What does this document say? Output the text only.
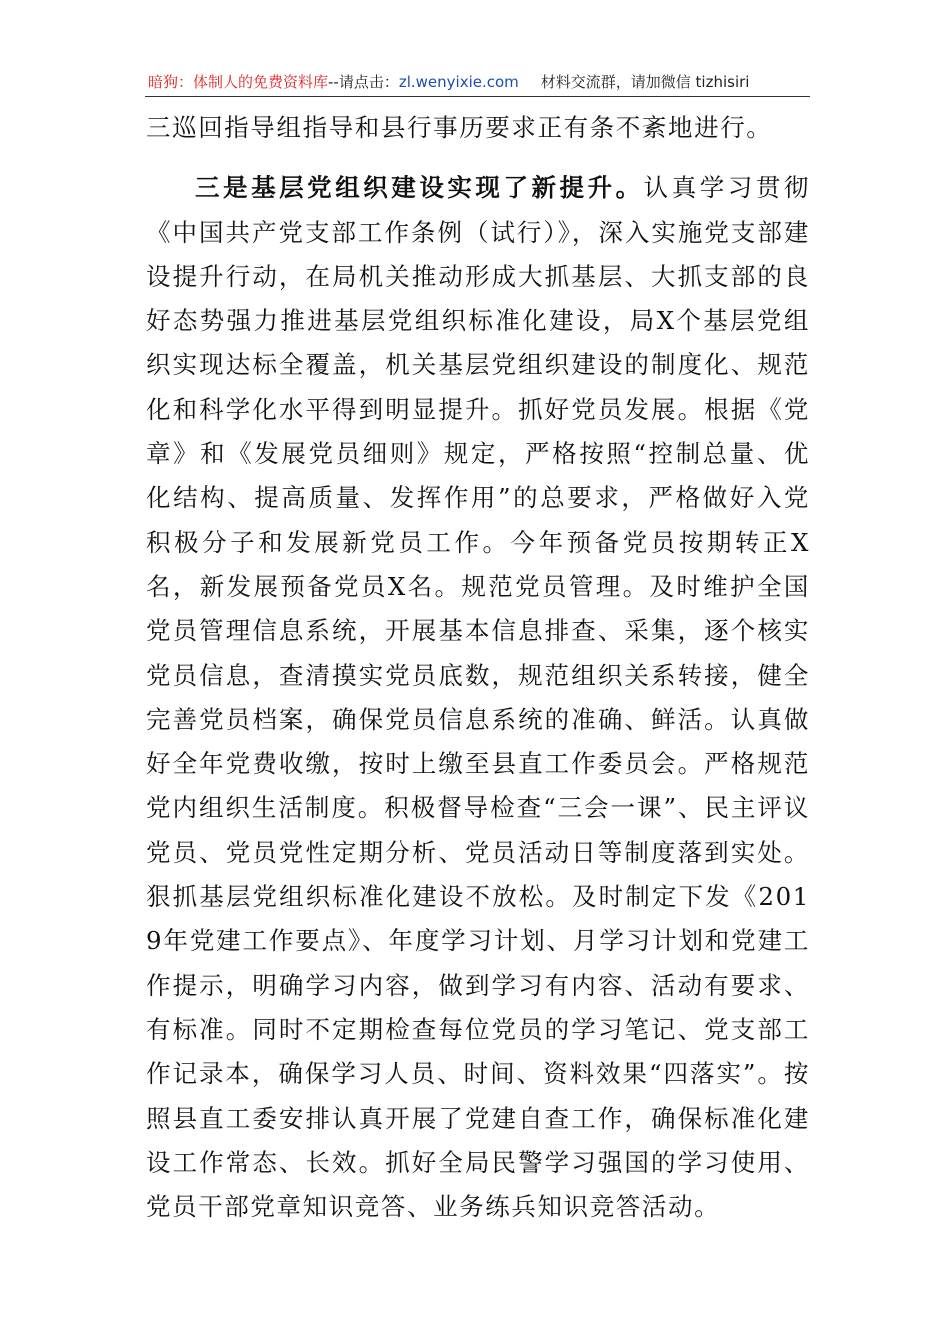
暗狗：体制人的免费资料库--请点击：zl.wenyixie.com 材料交流群，请加微信 tizhisiri

三巡回指导组指导和县行事历要求正有条不紊地进行。

三是基层党组织建设实现了新提升。认真学习贯彻《中国共产党支部工作条例（试行）》，深入实施党支部建设提升行动，在局机关推动形成大抓基层、大抓支部的良好态势强力推进基层党组织标准化建设，局X个基层党组织实现达标全覆盖，机关基层党组织建设的制度化、规范化和科学化水平得到明显提升。抓好党员发展。根据《党章》和《发展党员细则》规定，严格按照“控制总量、优化结构、提高质量、发挥作用”的总要求，严格做好入党积极分子和发展新党员工作。今年预备党员按期转正X名，新发展预备党员X名。规范党员管理。及时维护全国党员管理信息系统，开展基本信息排查、采集，逐个核实党员信息，查清摸实党员底数，规范组织关系转接，健全完善党员档案，确保党员信息系统的准确、鲜活。认真做好全年党费收缴，按时上缴至县直工作委员会。严格规范党内组织生活制度。积极督导检查“三会一课”、民主评议党员、党员党性定期分析、党员活动日等制度落到实处。狠抓基层党组织标准化建设不放松。及时制定下发《2019年党建工作要点》、年度学习计划、月学习计划和党建工作提示，明确学习内容，做到学习有内容、活动有要求、有标准。同时不定期检查每位党员的学习笔记、党支部工作记录本，确保学习人员、时间、资料效果“四落实”。按照县直工委安排认真开展了党建自查工作，确保标准化建设工作常态、长效。抓好全局民警学习强国的学习使用、党员干部党章知识竞答、业务练兵知识竞答活动。
